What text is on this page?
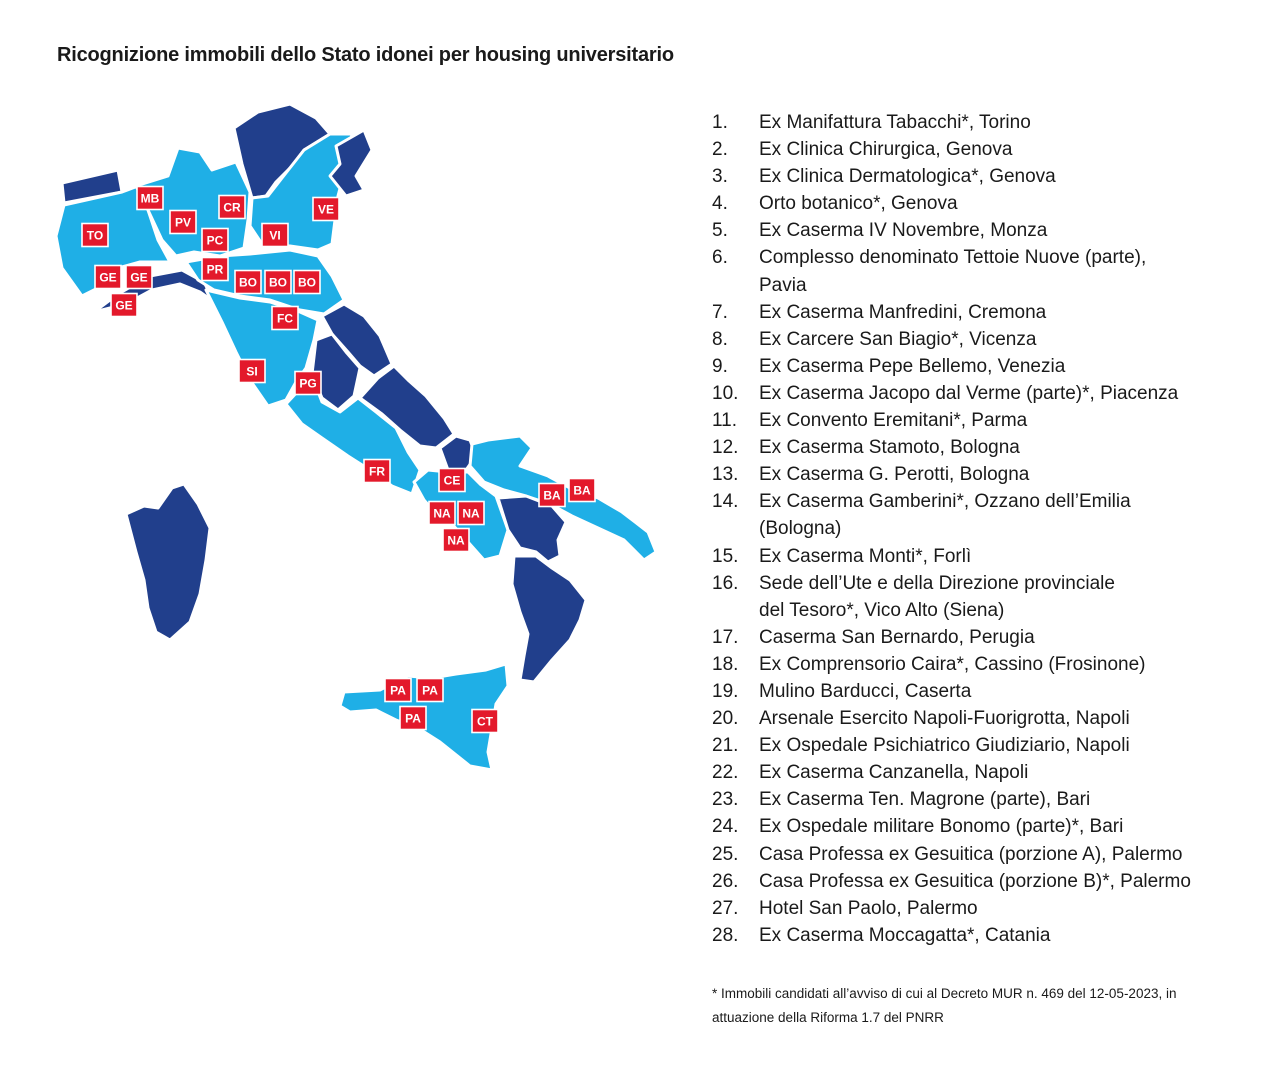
Ricognizione immobili dello Stato idonei per housing universitario
MB
TO
PV
CR
PC	VI
VE
GE GE
GE
PR
BO BO BO
FC
SI
PG
FR
CE
NA NA
NA
BA BA
PA PA
PA	CT
1. Ex Manifattura Tabacchi*, Torino
2. Ex Clinica Chirurgica, Genova
3. Ex Clinica Dermatologica*, Genova
4. Orto botanico*, Genova
5. Ex Caserma IV Novembre, Monza
6. Complesso denominato Tettoie Nuove (parte),
Pavia
7. Ex Caserma Manfredini, Cremona
8. Ex Carcere San Biagio*, Vicenza
9. Ex Caserma Pepe Bellemo, Venezia
10. Ex Caserma Jacopo dal Verme (parte)*, Piacenza
11. Ex Convento Eremitani*, Parma
12. Ex Caserma Stamoto, Bologna
13. Ex Caserma G. Perotti, Bologna
14. Ex Caserma Gamberini*, Ozzano dell’Emilia
(Bologna)
15. Ex Caserma Monti*, Forlì
16. Sede dell’Ute e della Direzione provinciale
del Tesoro*, Vico Alto (Siena)
17. Caserma San Bernardo, Perugia
18. Ex Comprensorio Caira*, Cassino (Frosinone)
19. Mulino Barducci, Caserta
20. Arsenale Esercito Napoli-Fuorigrotta, Napoli
21. Ex Ospedale Psichiatrico Giudiziario, Napoli
22. Ex Caserma Canzanella, Napoli
23. Ex Caserma Ten. Magrone (parte), Bari
24. Ex Ospedale militare Bonomo (parte)*, Bari
25. Casa Professa ex Gesuitica (porzione A), Palermo
26. Casa Professa ex Gesuitica (porzione B)*, Palermo
27. Hotel San Paolo, Palermo
28. Ex Caserma Moccagatta*, Catania
* Immobili candidati all’avviso di cui al Decreto MUR n. 469 del 12-05-2023, in attuazione della Riforma 1.7 del PNRR
